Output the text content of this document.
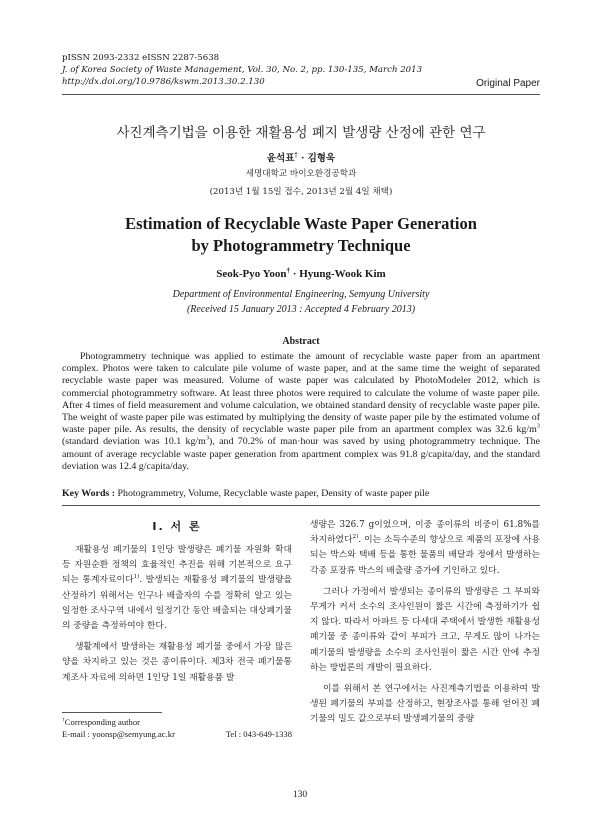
pISSN 2093-2332 eISSN 2287-5638
J. of Korea Society of Waste Management, Vol. 30, No. 2, pp. 130-135, March 2013
http://dx.doi.org/10.9786/kswm.2013.30.2.130	Original Paper
사진계측기법을 이용한 재활용성 폐지 발생량 산정에 관한 연구
윤석표† · 김형욱
세명대학교 바이오환경공학과
(2013년 1월 15일 접수, 2013년 2월 4일 채택)
Estimation of Recyclable Waste Paper Generation
by Photogrammetry Technique
Seok-Pyo Yoon† · Hyung-Wook Kim
Department of Environmental Engineering, Semyung University
(Received 15 January 2013 : Accepted 4 February 2013)
Abstract
Photogrammetry technique was applied to estimate the amount of recyclable waste paper from an apartment complex. Photos were taken to calculate pile volume of waste paper, and at the same time the weight of separated recyclable waste paper was measured. Volume of waste paper was calculated by PhotoModeler 2012, which is commercial photogrammetry software. At least three photos were required to calculate the volume of waste paper pile. After 4 times of field measurement and volume calculation, we obtained standard density of recyclable waste paper pile. The weight of waste paper pile was estimated by multiplying the density of waste paper pile by the estimated volume of waste paper pile. As results, the density of recyclable waste paper pile from an apartment complex was 32.6 $kg/m^3$ (standard deviation was 10.1 $kg/m^3$), and 70.2% of man·hour was saved by using photogrammetry technique. The amount of average recyclable waste paper generation from apartment complex was 91.8 g/capita/day, and the standard deviation was 12.4 g/capita/day.
Key Words : Photogrammetry, Volume, Recyclable waste paper, Density of waste paper pile
I. 서 론

재활용성 폐기물의 1인당 발생량은 폐기물 자원화 확대 등 자원순환 정책의 효율적인 추진을 위해 기본적으로 요구되는 통계자료이다$^{1)}$. 발생되는 재활용성 폐기물의 발생량을 산정하기 위해서는 인구나 배출자의 수를 정확히 알고 있는 일정한 조사구역 내에서 일정기간 동안 배출되는 대상폐기물의 중량을 측정하여야 한다.

생활계에서 발생하는 재활용성 폐기물 중에서 가장 많은 양을 차지하고 있는 것은 종이류이다. 제3차 전국 폐기물통계조사 자료에 의하면 1인당 1일 재활용품 발

생량은 326.7 g이었으며, 이중 종이류의 비중이 61.8%를 차지하였다$^{2)}$. 이는 소득수준의 향상으로 제품의 포장에 사용되는 박스와 택배 등을 통한 물품의 배달과 정에서 발생하는 각종 포장류 박스의 배출량 증가에 기인하고 있다.

그러나 가정에서 발생되는 종이류의 발생량은 그 부피와 무게가 커서 소수의 조사인원이 짧은 시간에 측정하기가 쉽지 않다. 따라서 아파트 등 다세대 주택에서 발생한 재활용성 폐기물 중 종이류와 같이 부피가 크고, 무게도 많이 나가는 폐기물의 발생량을 소수의 조사인원이 짧은 시간 안에 추정하는 방법론의 개발이 필요하다.

이를 위해서 본 연구에서는 사진계측기법을 이용하여 발생된 폐기물의 부피를 산정하고, 현장조사를 통해 얻어진 폐기물의 밀도 값으로부터 발생폐기물의 중량

†Corresponding author
E-mail : yoonsp@semyung.ac.kr	Tel : 043-649-1338
130
